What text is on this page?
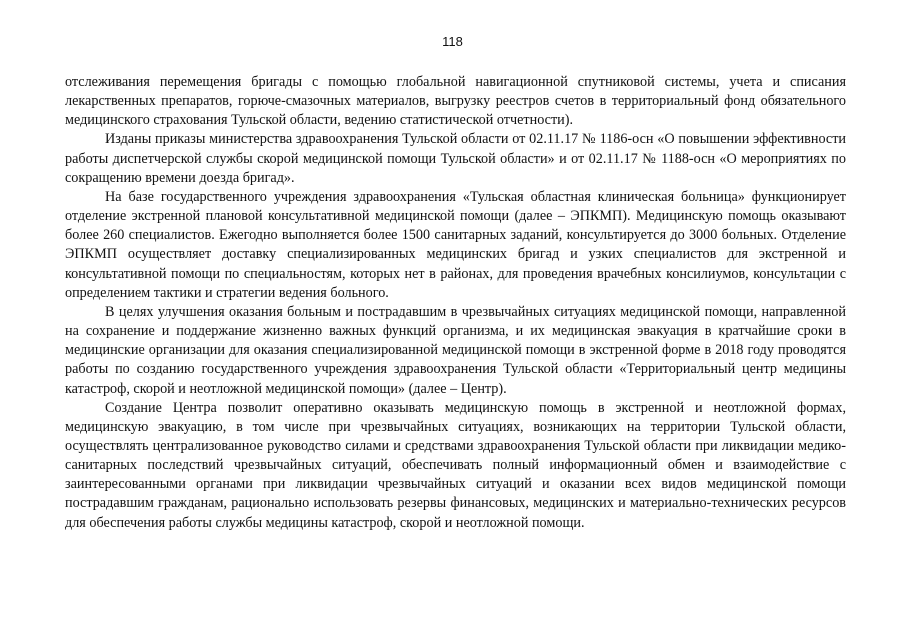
118

отслеживания перемещения бригады с помощью глобальной навигационной спутниковой системы, учета и списания лекарственных препаратов, горюче-смазочных материалов, выгрузку реестров счетов в территориальный фонд обязательного медицинского страхования Тульской области, ведению статистической отчетности).

Изданы приказы министерства здравоохранения Тульской области от 02.11.17 № 1186-осн «О повышении эффективности работы диспетчерской службы скорой медицинской помощи Тульской области» и от 02.11.17 № 1188-осн «О мероприятиях по сокращению времени доезда бригад».

На базе государственного учреждения здравоохранения «Тульская областная клиническая больница» функционирует отделение экстренной плановой консультативной медицинской помощи (далее – ЭПКМП). Медицинскую помощь оказывают более 260 специалистов. Ежегодно выполняется более 1500 санитарных заданий, консультируется до 3000 больных. Отделение ЭПКМП осуществляет доставку специализированных медицинских бригад и узких специалистов для экстренной и консультативной помощи по специальностям, которых нет в районах, для проведения врачебных консилиумов, консультации с определением тактики и стратегии ведения больного.

В целях улучшения оказания больным и пострадавшим в чрезвычайных ситуациях медицинской помощи, направленной на сохранение и поддержание жизненно важных функций организма, и их медицинская эвакуация в кратчайшие сроки в медицинские организации для оказания специализированной медицинской помощи в экстренной форме в 2018 году проводятся работы по созданию государственного учреждения здравоохранения Тульской области «Территориальный центр медицины катастроф, скорой и неотложной медицинской помощи» (далее – Центр).

Создание Центра позволит оперативно оказывать медицинскую помощь в экстренной и неотложной формах, медицинскую эвакуацию, в том числе при чрезвычайных ситуациях, возникающих на территории Тульской области, осуществлять централизованное руководство силами и средствами здравоохранения Тульской области при ликвидации медико-санитарных последствий чрезвычайных ситуаций, обеспечивать полный информационный обмен и взаимодействие с заинтересованными органами при ликвидации чрезвычайных ситуаций и оказании всех видов медицинской помощи пострадавшим гражданам, рационально использовать резервы финансовых, медицинских и материально-технических ресурсов для обеспечения работы службы медицины катастроф, скорой и неотложной помощи.
